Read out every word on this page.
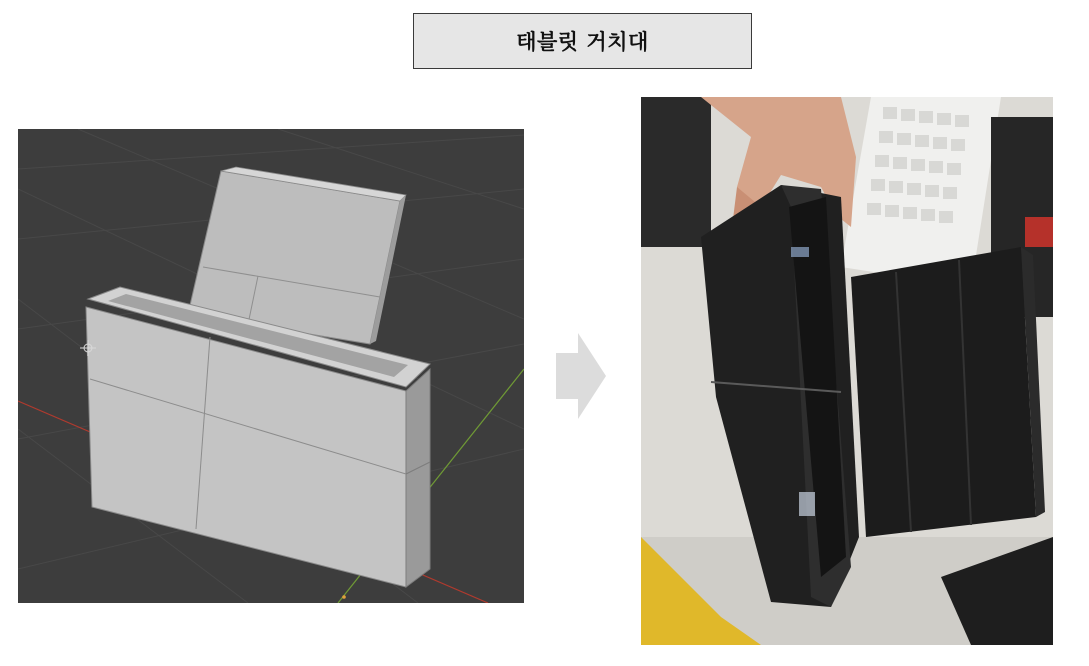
태블릿 거치대
